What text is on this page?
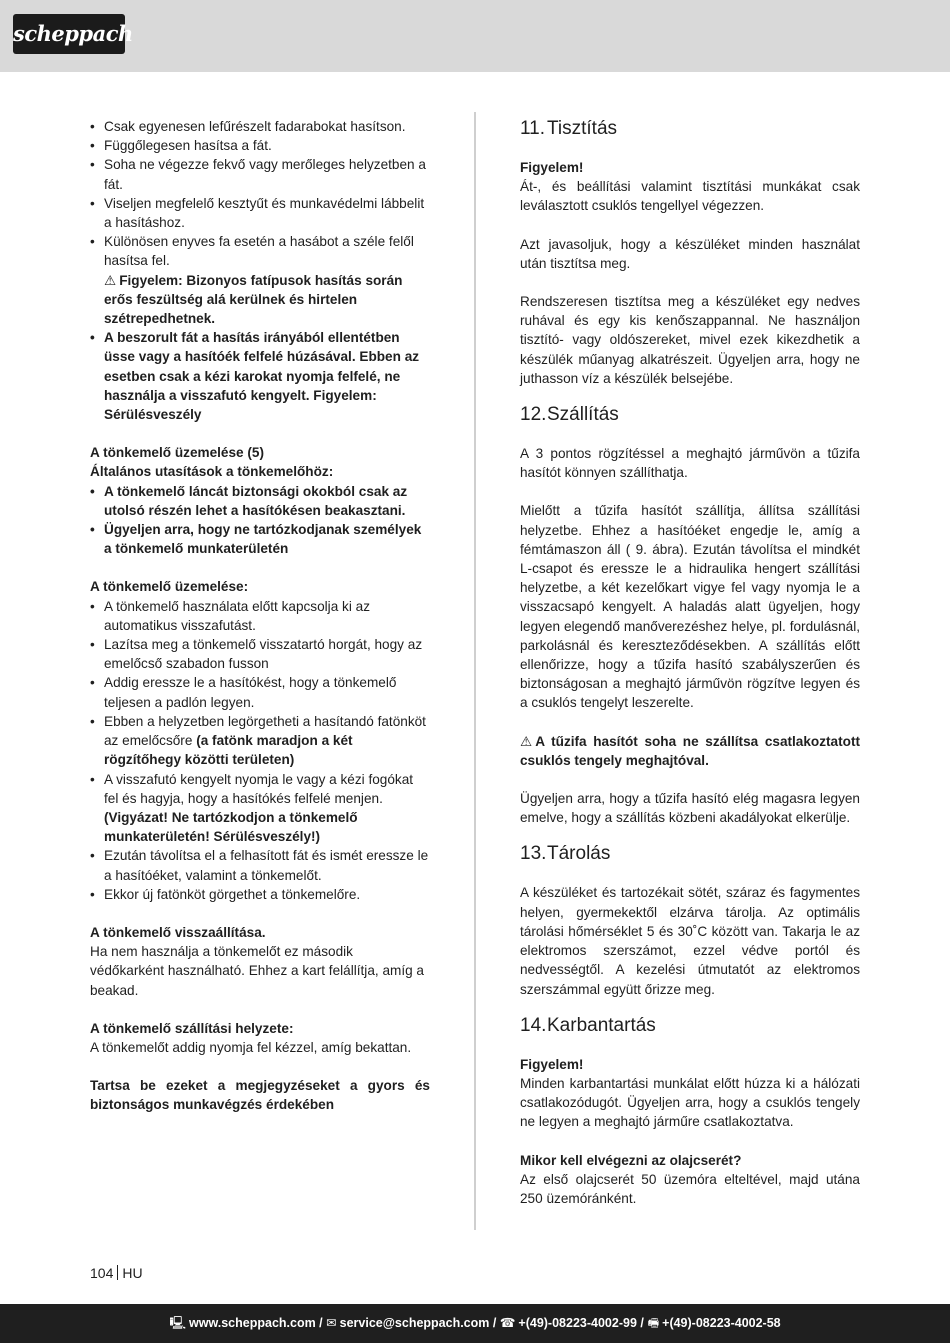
scheppach
• Csak egyenesen lefűrészelt fadarabokat hasítson.
• Függőlegesen hasítsa a fát.
• Soha ne végezze fekvő vagy merőleges helyzetben a fát.
• Viseljen megfelelő kesztyűt és munkavédelmi lábbelit a hasításhoz.
• Különösen enyves fa esetén a hasábot a széle felől hasítsa fel.
⚠ Figyelem: Bizonyos fatípusok hasítás során erős feszültség alá kerülnek és hirtelen szétrepedhetnek.
• A beszorult fát a hasítás irányából ellentétben üsse vagy a hasítóék felfelé húzásával. Ebben az esetben csak a kézi karokat nyomja felfelé, ne használja a visszafutó kengyelt. Figyelem: Sérülésveszély

A tönkemelő üzemelése (5)

Általános utasítások a tönkemelőhöz:

• A tönkemelő láncát biztonsági okokból csak az utolsó részén lehet a hasítókésen beakasztani.
• Ügyeljen arra, hogy ne tartózkodjanak személyek a tönkemelő munkaterületén

A tönkemelő üzemelése:

• A tönkemelő használata előtt kapcsolja ki az automatikus visszafutást.
• Lazítsa meg a tönkemelő visszatartó horgát, hogy az emelőcső szabadon fusson
• Addig eressze le a hasítókést, hogy a tönkemelő teljesen a padlón legyen.
• Ebben a helyzetben legörgetheti a hasítandó fatönköt az emelőcsőre (a fatönk maradjon a két rögzítőhegy közötti területen)
• A visszafutó kengyelt nyomja le vagy a kézi fogókat fel és hagyja, hogy a hasítókés felfelé menjen. (Vigyázat! Ne tartózkodjon a tönkemelő munkaterületén! Sérülésveszély!)
• Ezután távolítsa el a felhasított fát és ismét eressze le a hasítóéket, valamint a tönkemelőt.
• Ekkor új fatönköt görgethet a tönkemelőre.

A tönkemelő visszaállítása.

Ha nem használja a tönkemelőt ez második védőkarként használható. Ehhez a kart felállítja, amíg a beakad.

A tönkemelő szállítási helyzete:

A tönkemelőt addig nyomja fel kézzel, amíg bekattan.

Tartsa be ezeket a megjegyzéseket a gyors és biztonságos munkavégzés érdekében

11. Tisztítás

Figyelem!

Át-, és beállítási valamint tisztítási munkákat csak leválasztott csuklós tengellyel végezzen.

Azt javasoljuk, hogy a készüléket minden használat után tisztítsa meg.

Rendszeresen tisztítsa meg a készüléket egy nedves ruhával és egy kis kenőszappannal. Ne használjon tisztító- vagy oldószereket, mivel ezek kikezdhetik a készülék műanyag alkatrészeit. Ügyeljen arra, hogy ne juthasson víz a készülék belsejébe.

12.Szállítás

A 3 pontos rögzítéssel a meghajtó járművön a tűzifa hasítót könnyen szállíthatja.

Mielőtt a tűzifa hasítót szállítja, állítsa szállítási helyzetbe. Ehhez a hasítóéket engedje le, amíg a fémtámaszon áll ( 9. ábra). Ezután távolítsa el mindkét L-csapot és eressze le a hidraulika hengert szállítási helyzetbe, a két kezelőkart vigye fel vagy nyomja le a visszacsapó kengyelt. A haladás alatt ügyeljen, hogy legyen elegendő manőverezéshez helye, pl. fordulásnál, parkolásnál és kereszteződésekben. A szállítás előtt ellenőrizze, hogy a tűzifa hasító szabályszerűen és biztonságosan a meghajtó járművön rögzítve legyen és a csuklós tengelyt leszerelte.

⚠ A tűzifa hasítót soha ne szállítsa csatlakoztatott csuklós tengely meghajtóval.

Ügyeljen arra, hogy a tűzifa hasító elég magasra legyen emelve, hogy a szállítás közbeni akadályokat elkerülje.

13.Tárolás

A készüléket és tartozékait sötét, száraz és fagymentes helyen, gyermekektől elzárva tárolja. Az optimális tárolási hőmérséklet 5 és 30˚C között van. Takarja le az elektromos szerszámot, ezzel védve portól és nedvességtől. A kezelési útmutatót az elektromos szerszámmal együtt őrizze meg.

14.Karbantartás

Figyelem!

Minden karbantartási munkálat előtt húzza ki a hálózati csatlakozódugót. Ügyeljen arra, hogy a csuklós tengely ne legyen a meghajtó járműre csatlakoztatva.

Mikor kell elvégezni az olajcserét?

Az első olajcserét 50 üzemóra elteltével, majd utána 250 üzemóránként.

104 HU
🖳︎ www.scheppach.com / ✉︎ service@scheppach.com / ☎︎ +(49)-08223-4002-99 / 🖷︎ +(49)-08223-4002-58
